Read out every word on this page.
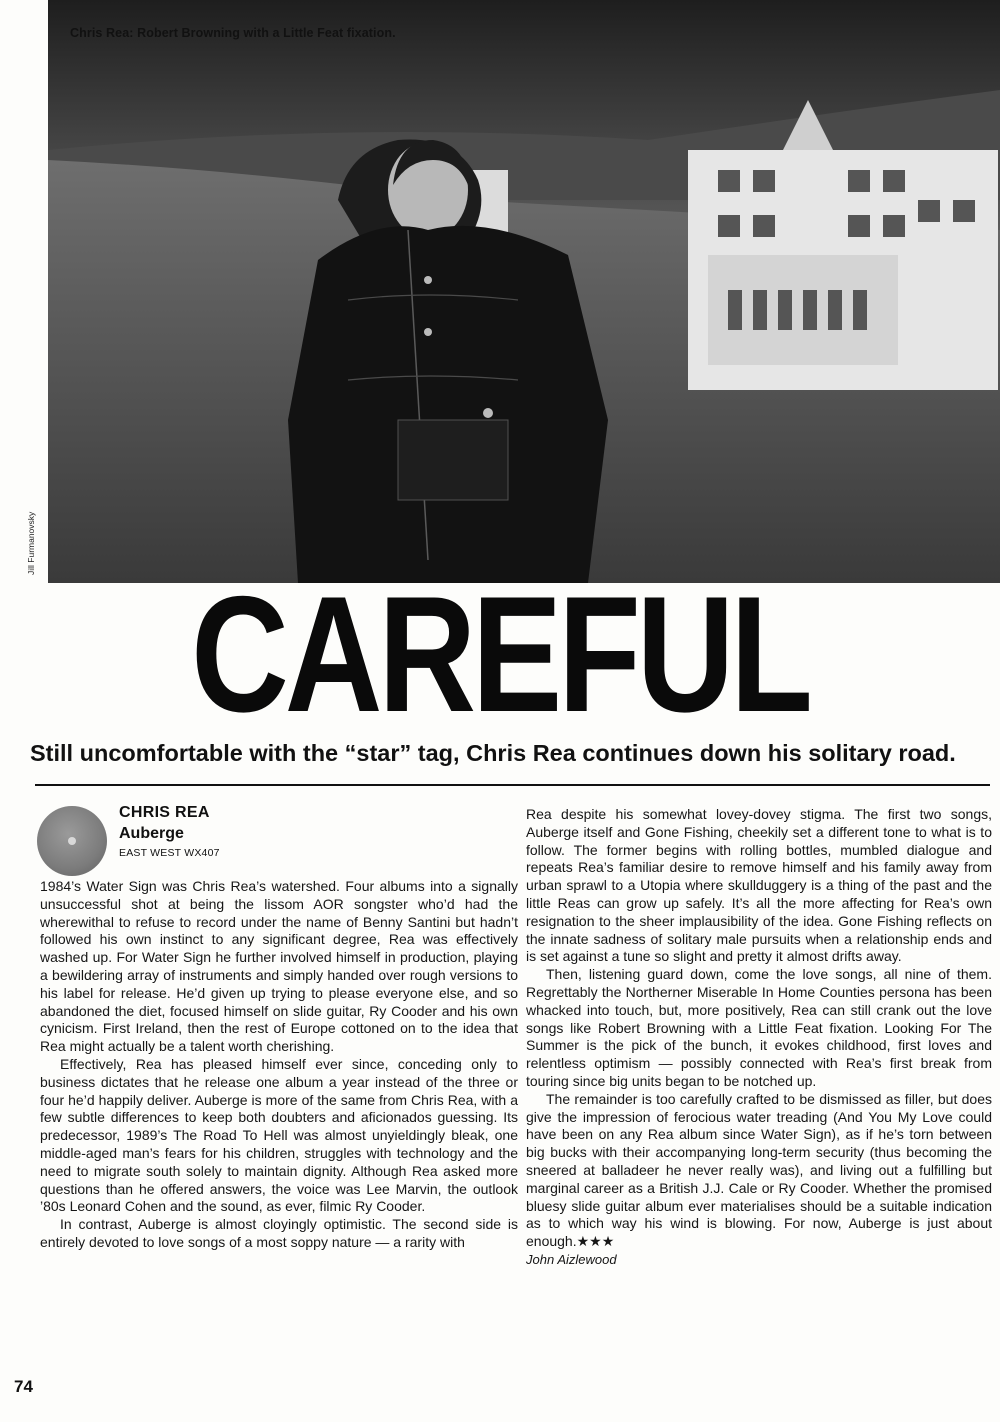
Chris Rea: Robert Browning with a Little Feat fixation.
Jill Furmanovsky
CAREFUL
Still uncomfortable with the “star” tag, Chris Rea continues down his solitary road.
CHRIS REA
Auberge
EAST WEST WX407

1984’s Water Sign was Chris Rea’s watershed. Four albums into a signally unsuccessful shot at being the lissom AOR songster who’d had the wherewithal to refuse to record under the name of Benny Santini but hadn’t followed his own instinct to any significant degree, Rea was effectively washed up. For Water Sign he further involved himself in production, playing a bewildering array of instruments and simply handed over rough versions to his label for release. He’d given up trying to please everyone else, and so abandoned the diet, focused himself on slide guitar, Ry Cooder and his own cynicism. First Ireland, then the rest of Europe cottoned on to the idea that Rea might actually be a talent worth cherishing.

Effectively, Rea has pleased himself ever since, conceding only to business dictates that he release one album a year instead of the three or four he’d happily deliver. Auberge is more of the same from Chris Rea, with a few subtle differences to keep both doubters and aficionados guessing. Its predecessor, 1989’s The Road To Hell was almost unyieldingly bleak, one middle-aged man’s fears for his children, struggles with technology and the need to migrate south solely to maintain dignity. Although Rea asked more questions than he offered answers, the voice was Lee Marvin, the outlook ’80s Leonard Cohen and the sound, as ever, filmic Ry Cooder.

In contrast, Auberge is almost cloyingly optimistic. The second side is entirely devoted to love songs of a most soppy nature — a rarity with

Rea despite his somewhat lovey-dovey stigma. The first two songs, Auberge itself and Gone Fishing, cheekily set a different tone to what is to follow. The former begins with rolling bottles, mumbled dialogue and repeats Rea’s familiar desire to remove himself and his family away from urban sprawl to a Utopia where skullduggery is a thing of the past and the little Reas can grow up safely. It’s all the more affecting for Rea’s own resignation to the sheer implausibility of the idea. Gone Fishing reflects on the innate sadness of solitary male pursuits when a relationship ends and is set against a tune so slight and pretty it almost drifts away.

Then, listening guard down, come the love songs, all nine of them. Regrettably the Northerner Miserable In Home Counties persona has been whacked into touch, but, more positively, Rea can still crank out the love songs like Robert Browning with a Little Feat fixation. Looking For The Summer is the pick of the bunch, it evokes childhood, first loves and relentless optimism — possibly connected with Rea’s first break from touring since big units began to be notched up.

The remainder is too carefully crafted to be dismissed as filler, but does give the impression of ferocious water treading (And You My Love could have been on any Rea album since Water Sign), as if he’s torn between big bucks with their accompanying long-term security (thus becoming the sneered at balladeer he never really was), and living out a fulfilling but marginal career as a British J.J. Cale or Ry Cooder. Whether the promised bluesy slide guitar album ever materialises should be a suitable indication as to which way his wind is blowing. For now, Auberge is just about enough.★★★

John Aizlewood

74
